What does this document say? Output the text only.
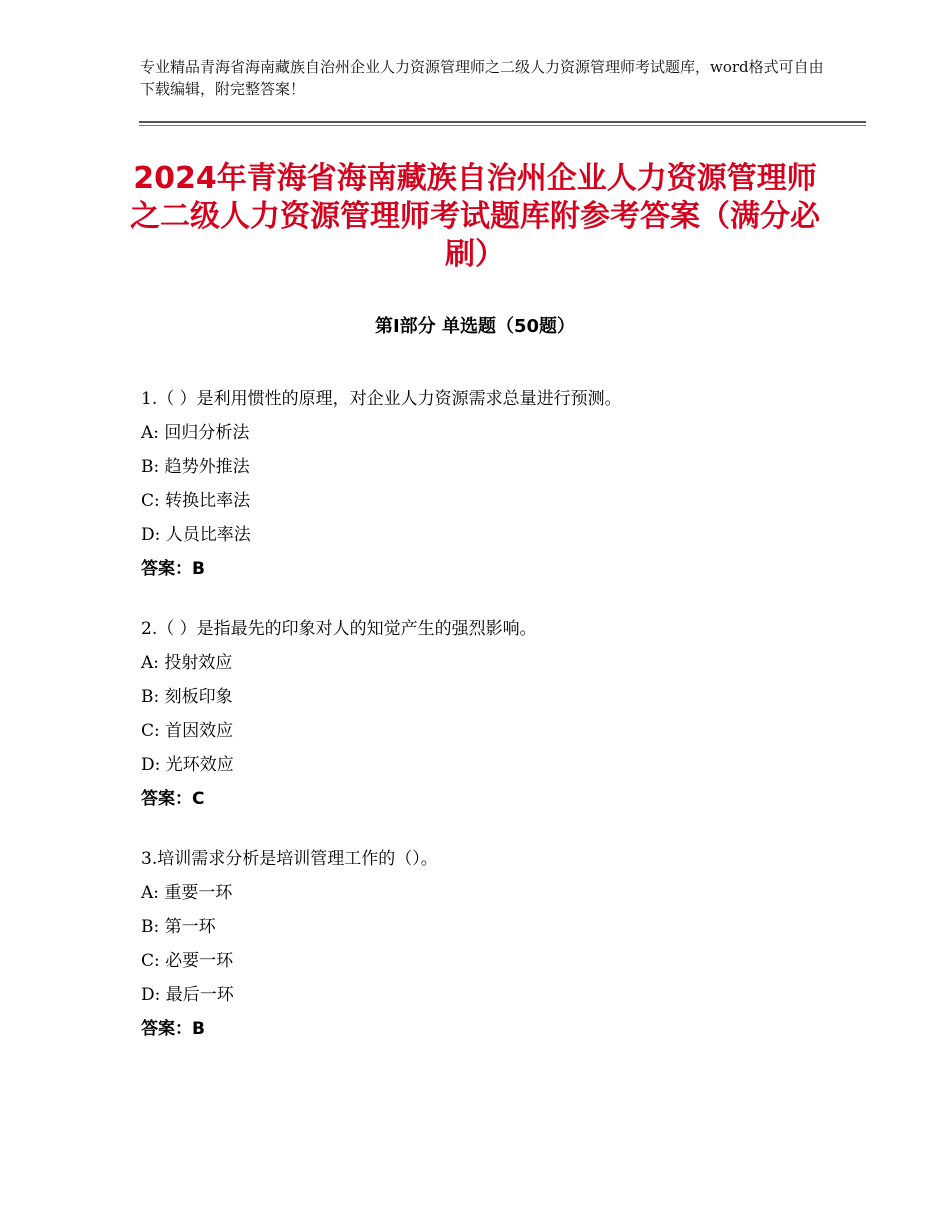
专业精品青海省海南藏族自治州企业人力资源管理师之二级人力资源管理师考试题库，word格式可自由下载编辑，附完整答案！
2024年青海省海南藏族自治州企业人力资源管理师之二级人力资源管理师考试题库附参考答案（满分必刷）
第Ⅰ部分 单选题（50题）
1.（ ）是利用惯性的原理，对企业人力资源需求总量进行预测。
A: 回归分析法
B: 趋势外推法
C: 转换比率法
D: 人员比率法
答案：B
2.（ ）是指最先的印象对人的知觉产生的强烈影响。
A: 投射效应
B: 刻板印象
C: 首因效应
D: 光环效应
答案：C
3.培训需求分析是培训管理工作的（）。
A: 重要一环
B: 第一环
C: 必要一环
D: 最后一环
答案：B
